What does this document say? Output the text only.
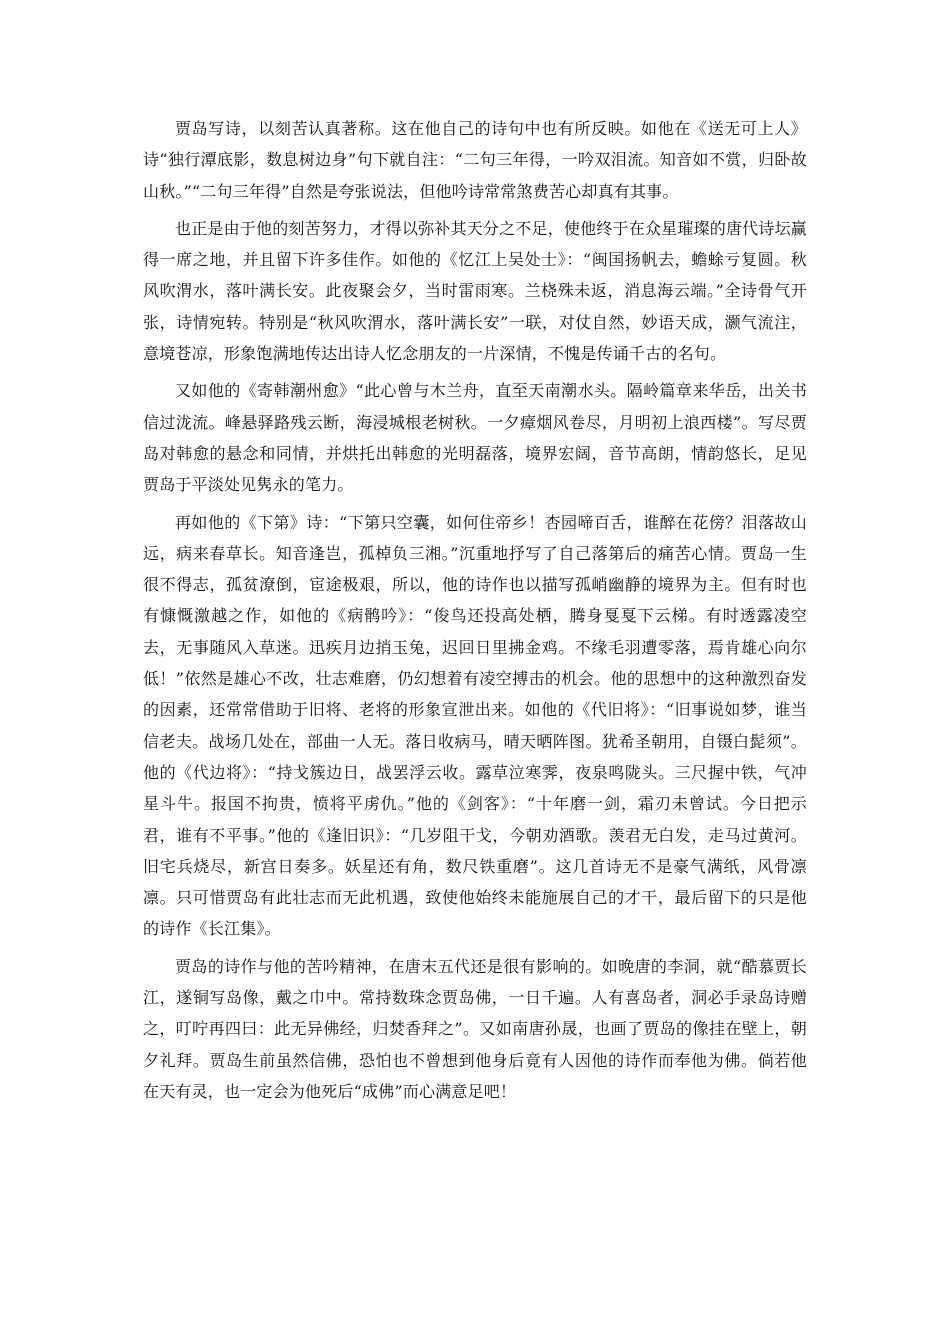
贾岛写诗，以刻苦认真著称。这在他自己的诗句中也有所反映。如他在《送无可上人》诗“独行潭底影，数息树边身”句下就自注：“二句三年得，一吟双泪流。知音如不赏，归卧故山秋。”“二句三年得”自然是夸张说法，但他吟诗常常煞费苦心却真有其事。

也正是由于他的刻苦努力，才得以弥补其天分之不足，使他终于在众星璀璨的唐代诗坛赢得一席之地，并且留下许多佳作。如他的《忆江上吴处士》：“闽国扬帆去，蟾蜍亏复圆。秋风吹渭水，落叶满长安。此夜聚会夕，当时雷雨寒。兰桡殊未返，消息海云端。”全诗骨气开张，诗情宛转。特别是“秋风吹渭水，落叶满长安”一联，对仗自然，妙语天成，灏气流注，意境苍凉，形象饱满地传达出诗人忆念朋友的一片深情，不愧是传诵千古的名句。

又如他的《寄韩潮州愈》“此心曾与木兰舟，直至天南潮水头。隔岭篇章来华岳，出关书信过泷流。峰悬驿路残云断，海浸城根老树秋。一夕瘴烟风卷尽，月明初上浪西楼”。写尽贾岛对韩愈的悬念和同情，并烘托出韩愈的光明磊落，境界宏阔，音节高朗，情韵悠长，足见贾岛于平淡处见隽永的笔力。

再如他的《下第》诗：“下第只空囊，如何住帝乡！杏园啼百舌，谁醉在花傍？泪落故山远，病来春草长。知音逢岂，孤棹负三湘。”沉重地抒写了自己落第后的痛苦心情。贾岛一生很不得志，孤贫潦倒，宦途极艰，所以，他的诗作也以描写孤峭幽静的境界为主。但有时也有慷慨激越之作，如他的《病鹘吟》：“俊鸟还投高处栖，腾身戛戛下云梯。有时透露凌空去，无事随风入草迷。迅疾月边捎玉兔，迟回日里拂金鸡。不缘毛羽遭零落，焉肯雄心向尔低！”依然是雄心不改，壮志难磨，仍幻想着有凌空搏击的机会。他的思想中的这种激烈奋发的因素，还常常借助于旧将、老将的形象宣泄出来。如他的《代旧将》：“旧事说如梦，谁当信老夫。战场几处在，部曲一人无。落日收病马，晴天晒阵图。犹希圣朝用，自镊白髭须”。他的《代边将》：“持戈簇边日，战罢浮云收。露草泣寒霁，夜泉鸣陇头。三尺握中铁，气冲星斗牛。报国不拘贵，愤将平虏仇。”他的《剑客》：“十年磨一剑，霜刃未曾试。今日把示君，谁有不平事。”他的《逢旧识》：“几岁阻干戈，今朝劝酒歌。羡君无白发，走马过黄河。旧宅兵烧尽，新宫日奏多。妖星还有角，数尺铁重磨”。这几首诗无不是豪气满纸，风骨凛凛。只可惜贾岛有此壮志而无此机遇，致使他始终未能施展自己的才干，最后留下的只是他的诗作《长江集》。

贾岛的诗作与他的苦吟精神，在唐末五代还是很有影响的。如晚唐的李洞，就“酷慕贾长江，遂铜写岛像，戴之巾中。常持数珠念贾岛佛，一日千遍。人有喜岛者，洞必手录岛诗赠之，叮咛再四曰：此无异佛经，归焚香拜之”。又如南唐孙晟，也画了贾岛的像挂在壁上，朝夕礼拜。贾岛生前虽然信佛，恐怕也不曾想到他身后竟有人因他的诗作而奉他为佛。倘若他在天有灵，也一定会为他死后“成佛”而心满意足吧！
